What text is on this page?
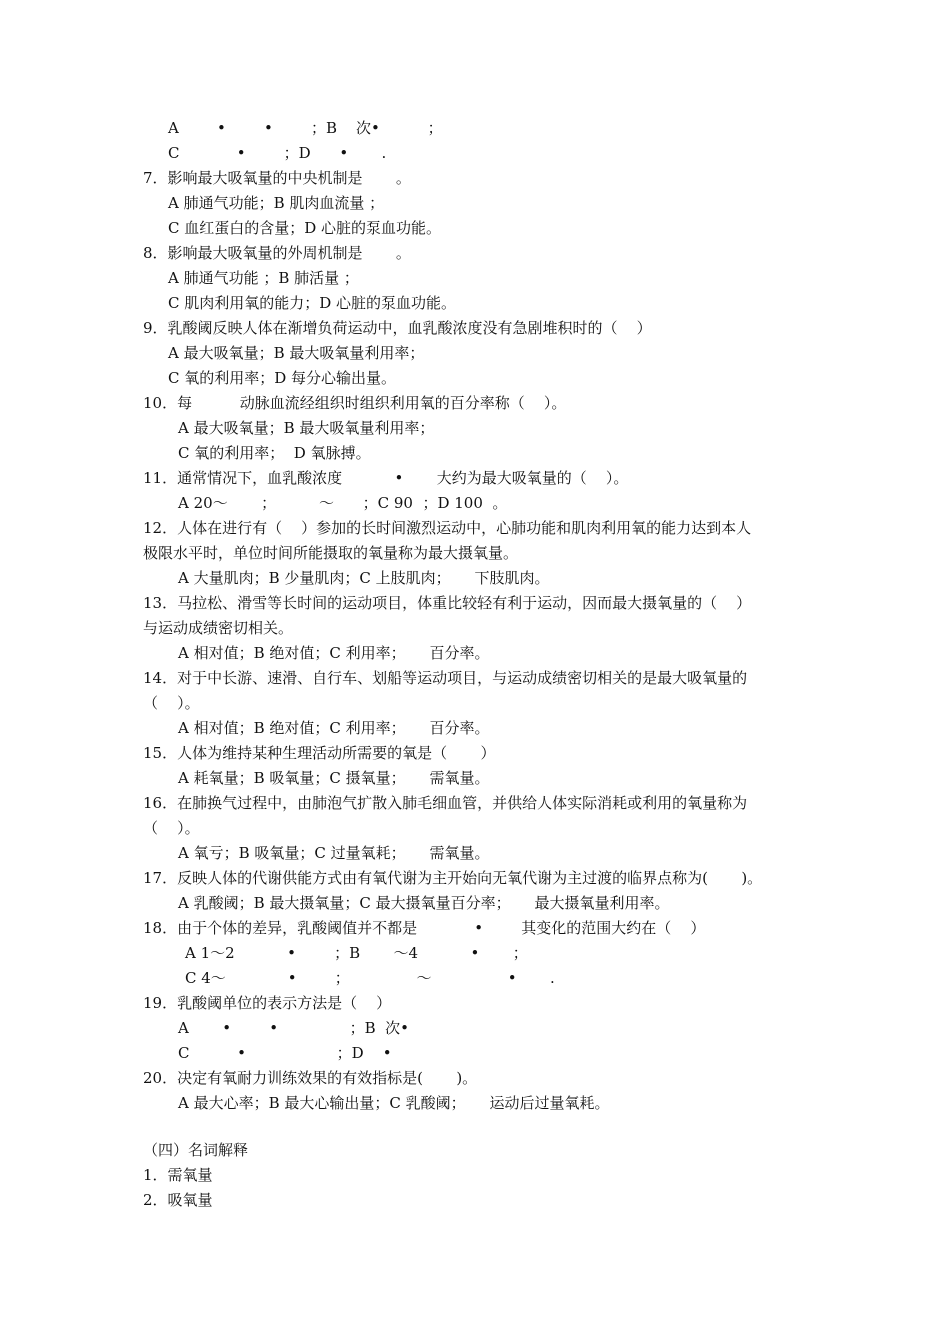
A        •        •        ；B    次•          ；
C            •        ；D      •       .
7．影响最大吸氧量的中央机制是       。
A 肺通气功能；B 肌肉血流量 ；
C 血红蛋白的含量；D 心脏的泵血功能。
8．影响最大吸氧量的外周机制是       。
A 肺通气功能 ；B 肺活量 ；
C 肌肉利用氧的能力；D 心脏的泵血功能。
9．乳酸阈反映人体在渐增负荷运动中，血乳酸浓度没有急剧堆积时的（    ）
A 最大吸氧量；B 最大吸氧量利用率；
C 氧的利用率；D 每分心输出量。
10．每          动脉血流经组织时组织利用氧的百分率称（    ）。
A 最大吸氧量；B 最大吸氧量利用率；
C 氧的利用率；  D 氧脉搏。
11．通常情况下，血乳酸浓度           •       大约为最大吸氧量的（    ）。
A 20～       ；         ～      ；C 90  ；D 100  。
12．人体在进行有（    ）参加的长时间激烈运动中，心肺功能和肌肉利用氧的能力达到本人
极限水平时，单位时间所能摄取的氧量称为最大摄氧量。
A 大量肌肉；B 少量肌肉；C 上肢肌肉；     下肢肌肉。
13．马拉松、滑雪等长时间的运动项目，体重比较轻有利于运动，因而最大摄氧量的（    ）
与运动成绩密切相关。
A 相对值；B 绝对值；C 利用率；     百分率。
14．对于中长游、速滑、自行车、划船等运动项目，与运动成绩密切相关的是最大吸氧量的
（    ）。
A 相对值；B 绝对值；C 利用率；     百分率。
15．人体为维持某种生理活动所需要的氧是（       ）
A 耗氧量；B 吸氧量；C 摄氧量；     需氧量。
16．在肺换气过程中，由肺泡气扩散入肺毛细血管，并供给人体实际消耗或利用的氧量称为
（    ）。
A 氧亏；B 吸氧量；C 过量氧耗；     需氧量。
17．反映人体的代谢供能方式由有氧代谢为主开始向无氧代谢为主过渡的临界点称为(       )。
A 乳酸阈；B 最大摄氧量；C 最大摄氧量百分率；     最大摄氧量利用率。
18．由于个体的差异，乳酸阈值并不都是            •        其变化的范围大约在（    ）
A 1～2           •        ；B       ～4           •       ；
C 4～             •        ；              ～                •       .
19．乳酸阈单位的表示方法是（    ）
A       •        •               ；B  次•
C          •                   ；D    •
20．决定有氧耐力训练效果的有效指标是(       )。
A 最大心率；B 最大心输出量；C 乳酸阈；     运动后过量氧耗。
（四）名词解释
1．需氧量
2．吸氧量
